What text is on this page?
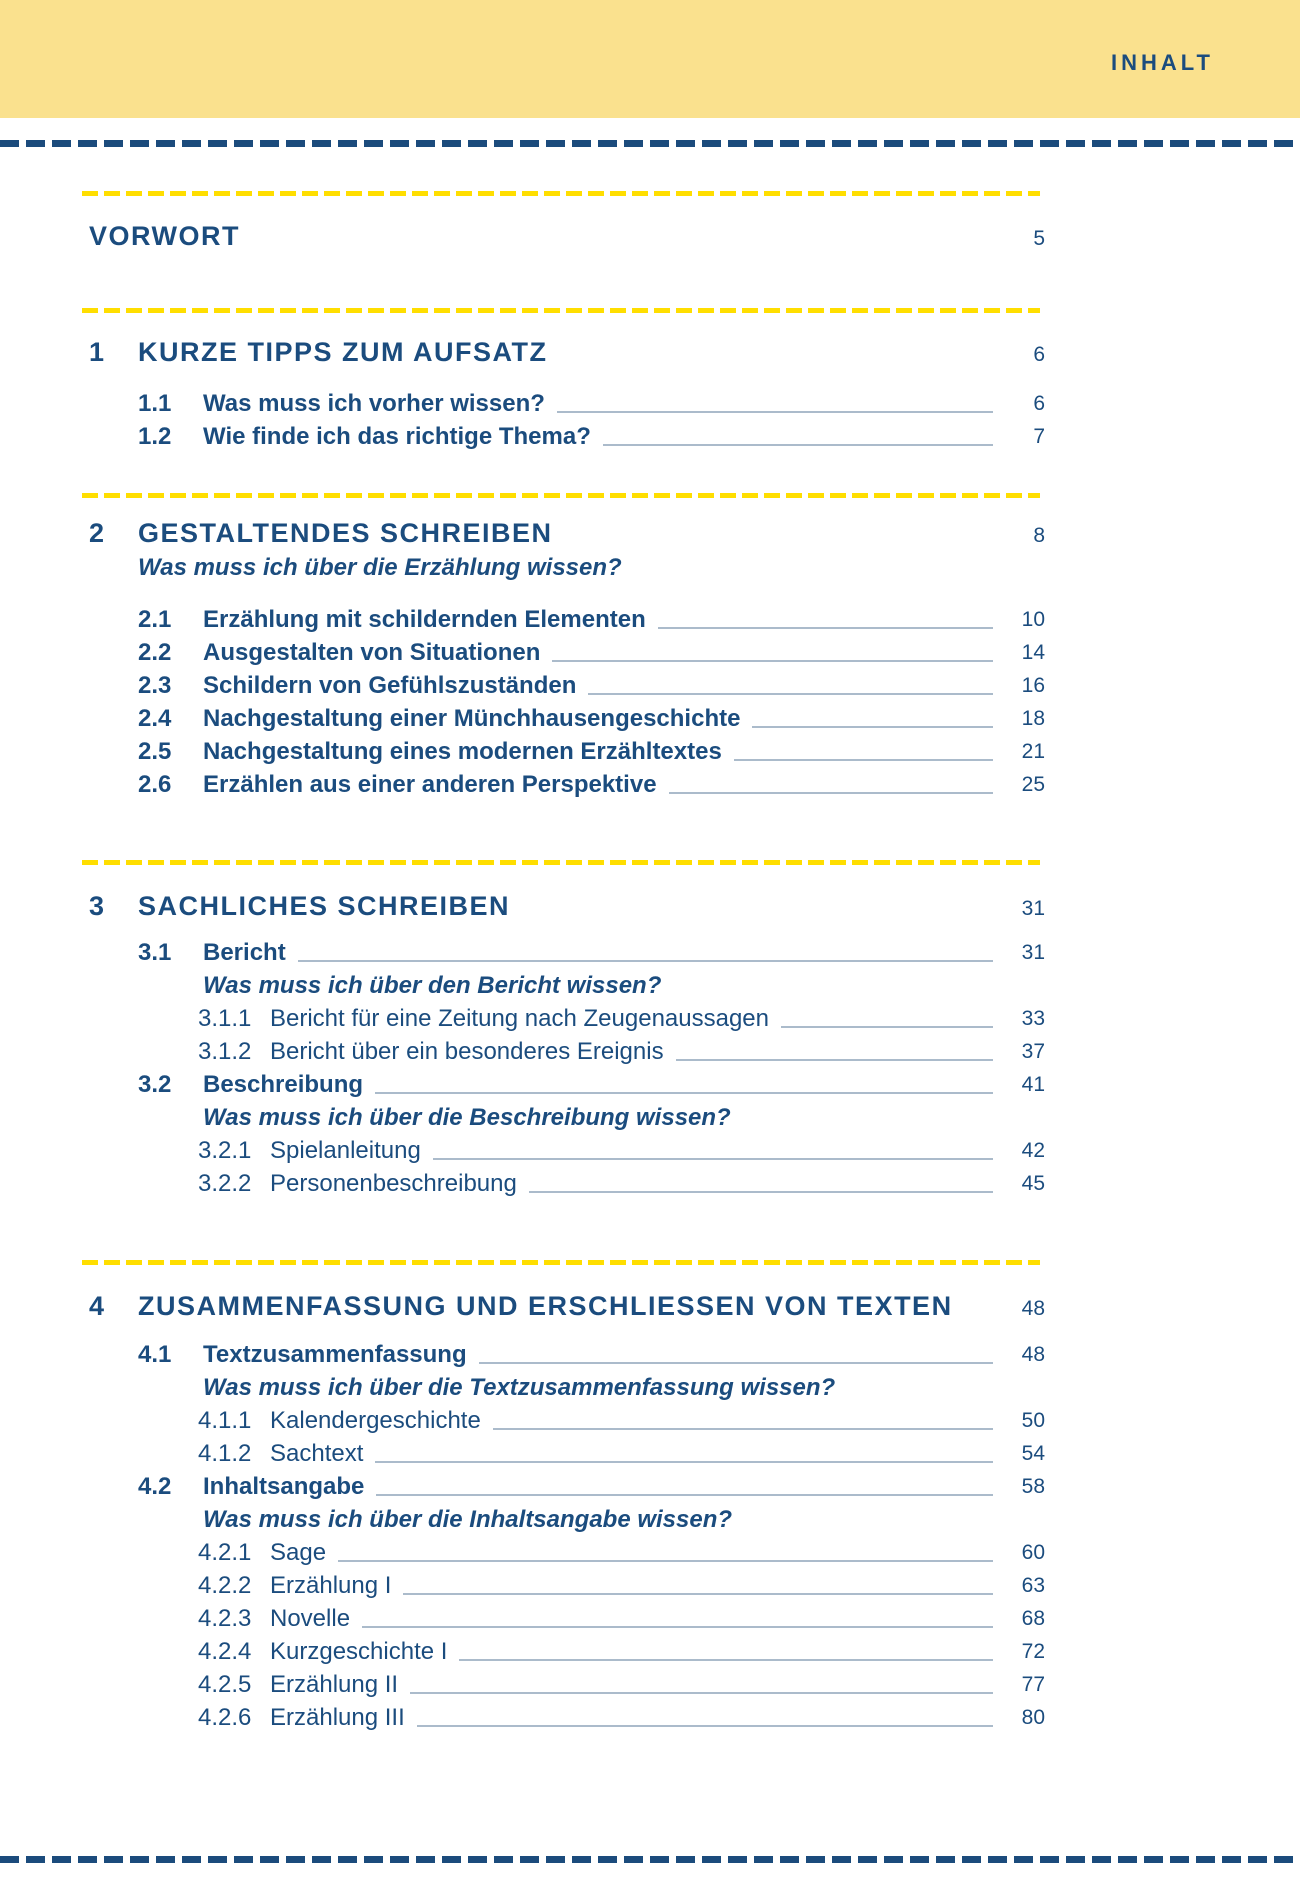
INHALT
VORWORT	5
1	KURZE TIPPS ZUM AUFSATZ	6
1.1	Was muss ich vorher wissen?	6
1.2	Wie finde ich das richtige Thema?	7
2	GESTALTENDES SCHREIBEN	8
Was muss ich über die Erzählung wissen?
2.1	Erzählung mit schildernden Elementen	10
2.2	Ausgestalten von Situationen	14
2.3	Schildern von Gefühlszuständen	16
2.4	Nachgestaltung einer Münchhausengeschichte	18
2.5	Nachgestaltung eines modernen Erzähltextes	21
2.6	Erzählen aus einer anderen Perspektive	25
3	SACHLICHES SCHREIBEN	31
3.1	Bericht	31
Was muss ich über den Bericht wissen?
3.1.1 Bericht für eine Zeitung nach Zeugenaussagen	33
3.1.2 Bericht über ein besonderes Ereignis	37
3.2	Beschreibung	41
Was muss ich über die Beschreibung wissen?
3.2.1 Spielanleitung	42
3.2.2 Personenbeschreibung	45
4	ZUSAMMENFASSUNG UND ERSCHLIESSEN VON TEXTEN	48
4.1	Textzusammenfassung	48
Was muss ich über die Textzusammenfassung wissen?
4.1.1 Kalendergeschichte	50
4.1.2 Sachtext	54
4.2	Inhaltsangabe	58
Was muss ich über die Inhaltsangabe wissen?
4.2.1 Sage	60
4.2.2 Erzählung I	63
4.2.3 Novelle	68
4.2.4 Kurzgeschichte I	72
4.2.5 Erzählung II	77
4.2.6 Erzählung III	80
